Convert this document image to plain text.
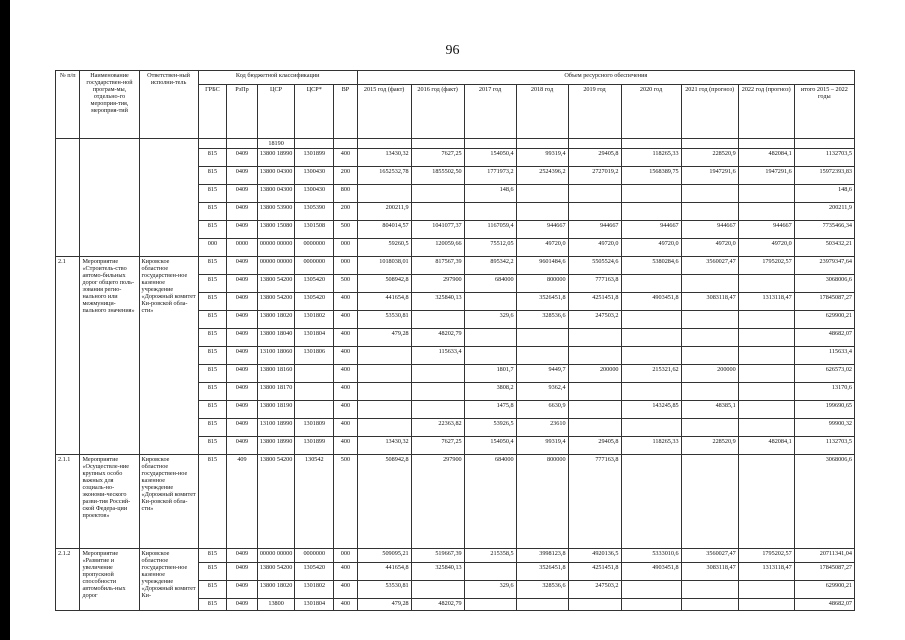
96
№ п/п	Наименование государствен-ной програм-мы, отдельно-го мероприя-тия, мероприя-тий	Ответствен-ный исполни-тель	Код бюджетной классификации					Объем ресурсного обеспечения								
			ГРБС	РзПр	ЦСР	ЦСР*	ВР	2015 год (факт)	2016 год (факт)	2017 год	2018 год	2019 год	2020 год	2021 год (прогноз)	2022 год (прогноз)	итого 2015 – 2022 годы
					18190											
			815	0409	13800 18990	1301899	400	13430,32	7627,25	154050,4	99319,4	29405,8	118265,33	228520,9	482084,1	1132703,5
			815	0409	13800 04300	1300430	200	1652532,78	1855502,50	1771973,2	2524396,2	2727019,2	1568389,75	1947291,6	1947291,6	15972393,83
			815	0409	13800 04300	1300430	800			148,6						148,6
			815	0409	13800 53900	1305390	200	200211,9								200211,9
			815	0409	13800 15080	1301508	500	804014,57	1041077,37	1167059,4	944667	944667	944667	944667	944667	7735466,34
			000	0000	00000 00000	0000000	000	59260,5	120059,66	75512,05	49720,0	49720,0	49720,0	49720,0	49720,0	503432,21
2.1	Мероприятие «Строитель-ство автомо-бильных дорог общего поль-зования регио-нального или межмуници-пального значения»	Кировское областное государствен-ное казенное учреждение «Дорожный комитет Ки-ровской обла-сти»	815	0409	00000 00000	0000000	000	1018038,01	817567,39	895342,2	9601484,6	5505524,6	5380284,6	3560027,47	1795202,57	23979347,64
			815	0409	13800 54200	1305420	500	508942,8	297900	684000	800000	777163,8				3068006,6
			815	0409	13800 54200	1305420	400	441654,8	325840,13		3526451,8	4251451,8	4903451,8	3083118,47	1313118,47	17845087,27
			815	0409	13800 18020	1301802	400	53530,81		329,6	328536,6	247503,2				629900,21
			815	0409	13800 18040	1301804	400	479,28	48202,79							48682,07
			815	0409	13100 18060	1301806	400		115633,4							115633,4
			815	0409	13800 18160		400			1801,7	9449,7	200000	215321,62	200000		626573,02
			815	0409	13800 18170		400			3808,2	9362,4					13170,6
			815	0409	13800 18190		400			1475,8	6630,9		143245,85	48385,1		199690,65
			815	0409	13100 18990	1301809	400		22363,82	53926,5	23610					99900,32
			815	0409	13800 18990	1301899	400	13430,32	7627,25	154050,4	99319,4	29405,8	118265,33	228520,9	482084,1	1132703,5
2.1.1	Мероприятие «Осуществле-ние крупных особо важных для социаль-но-экономи-ческого разви-тия Россий-ской Федера-ции проектов»	Кировское областное государствен-ное казенное учреждение «Дорожный комитет Ки-ровской обла-сти»	815	409	13800 54200	130542	500	508942,8	297900	684000	800000	777163,8				3068006,6
2.1.2	Мероприятие «Развитие и увеличение пропускной способности автомобиль-ных дорог	Кировское областное государствен-ное казенное учреждение «Дорожный комитет Ки-	815	0409	00000 00000	0000000	000	509095,21	519667,39	215358,5	3998123,8	4920136,5	5333010,6	3560027,47	1795202,57	20711341,04
			815	0409	13800 54200	1305420	400	441654,8	325840,13		3526451,8	4251451,8	4903451,8	3083118,47	1313118,47	17845087,27
			815	0409	13800 18020	1301802	400	53530,81		329,6	328536,6	247503,2				629900,21
			815	0409	13800	1301804	400	479,28	48202,79							48682,07
